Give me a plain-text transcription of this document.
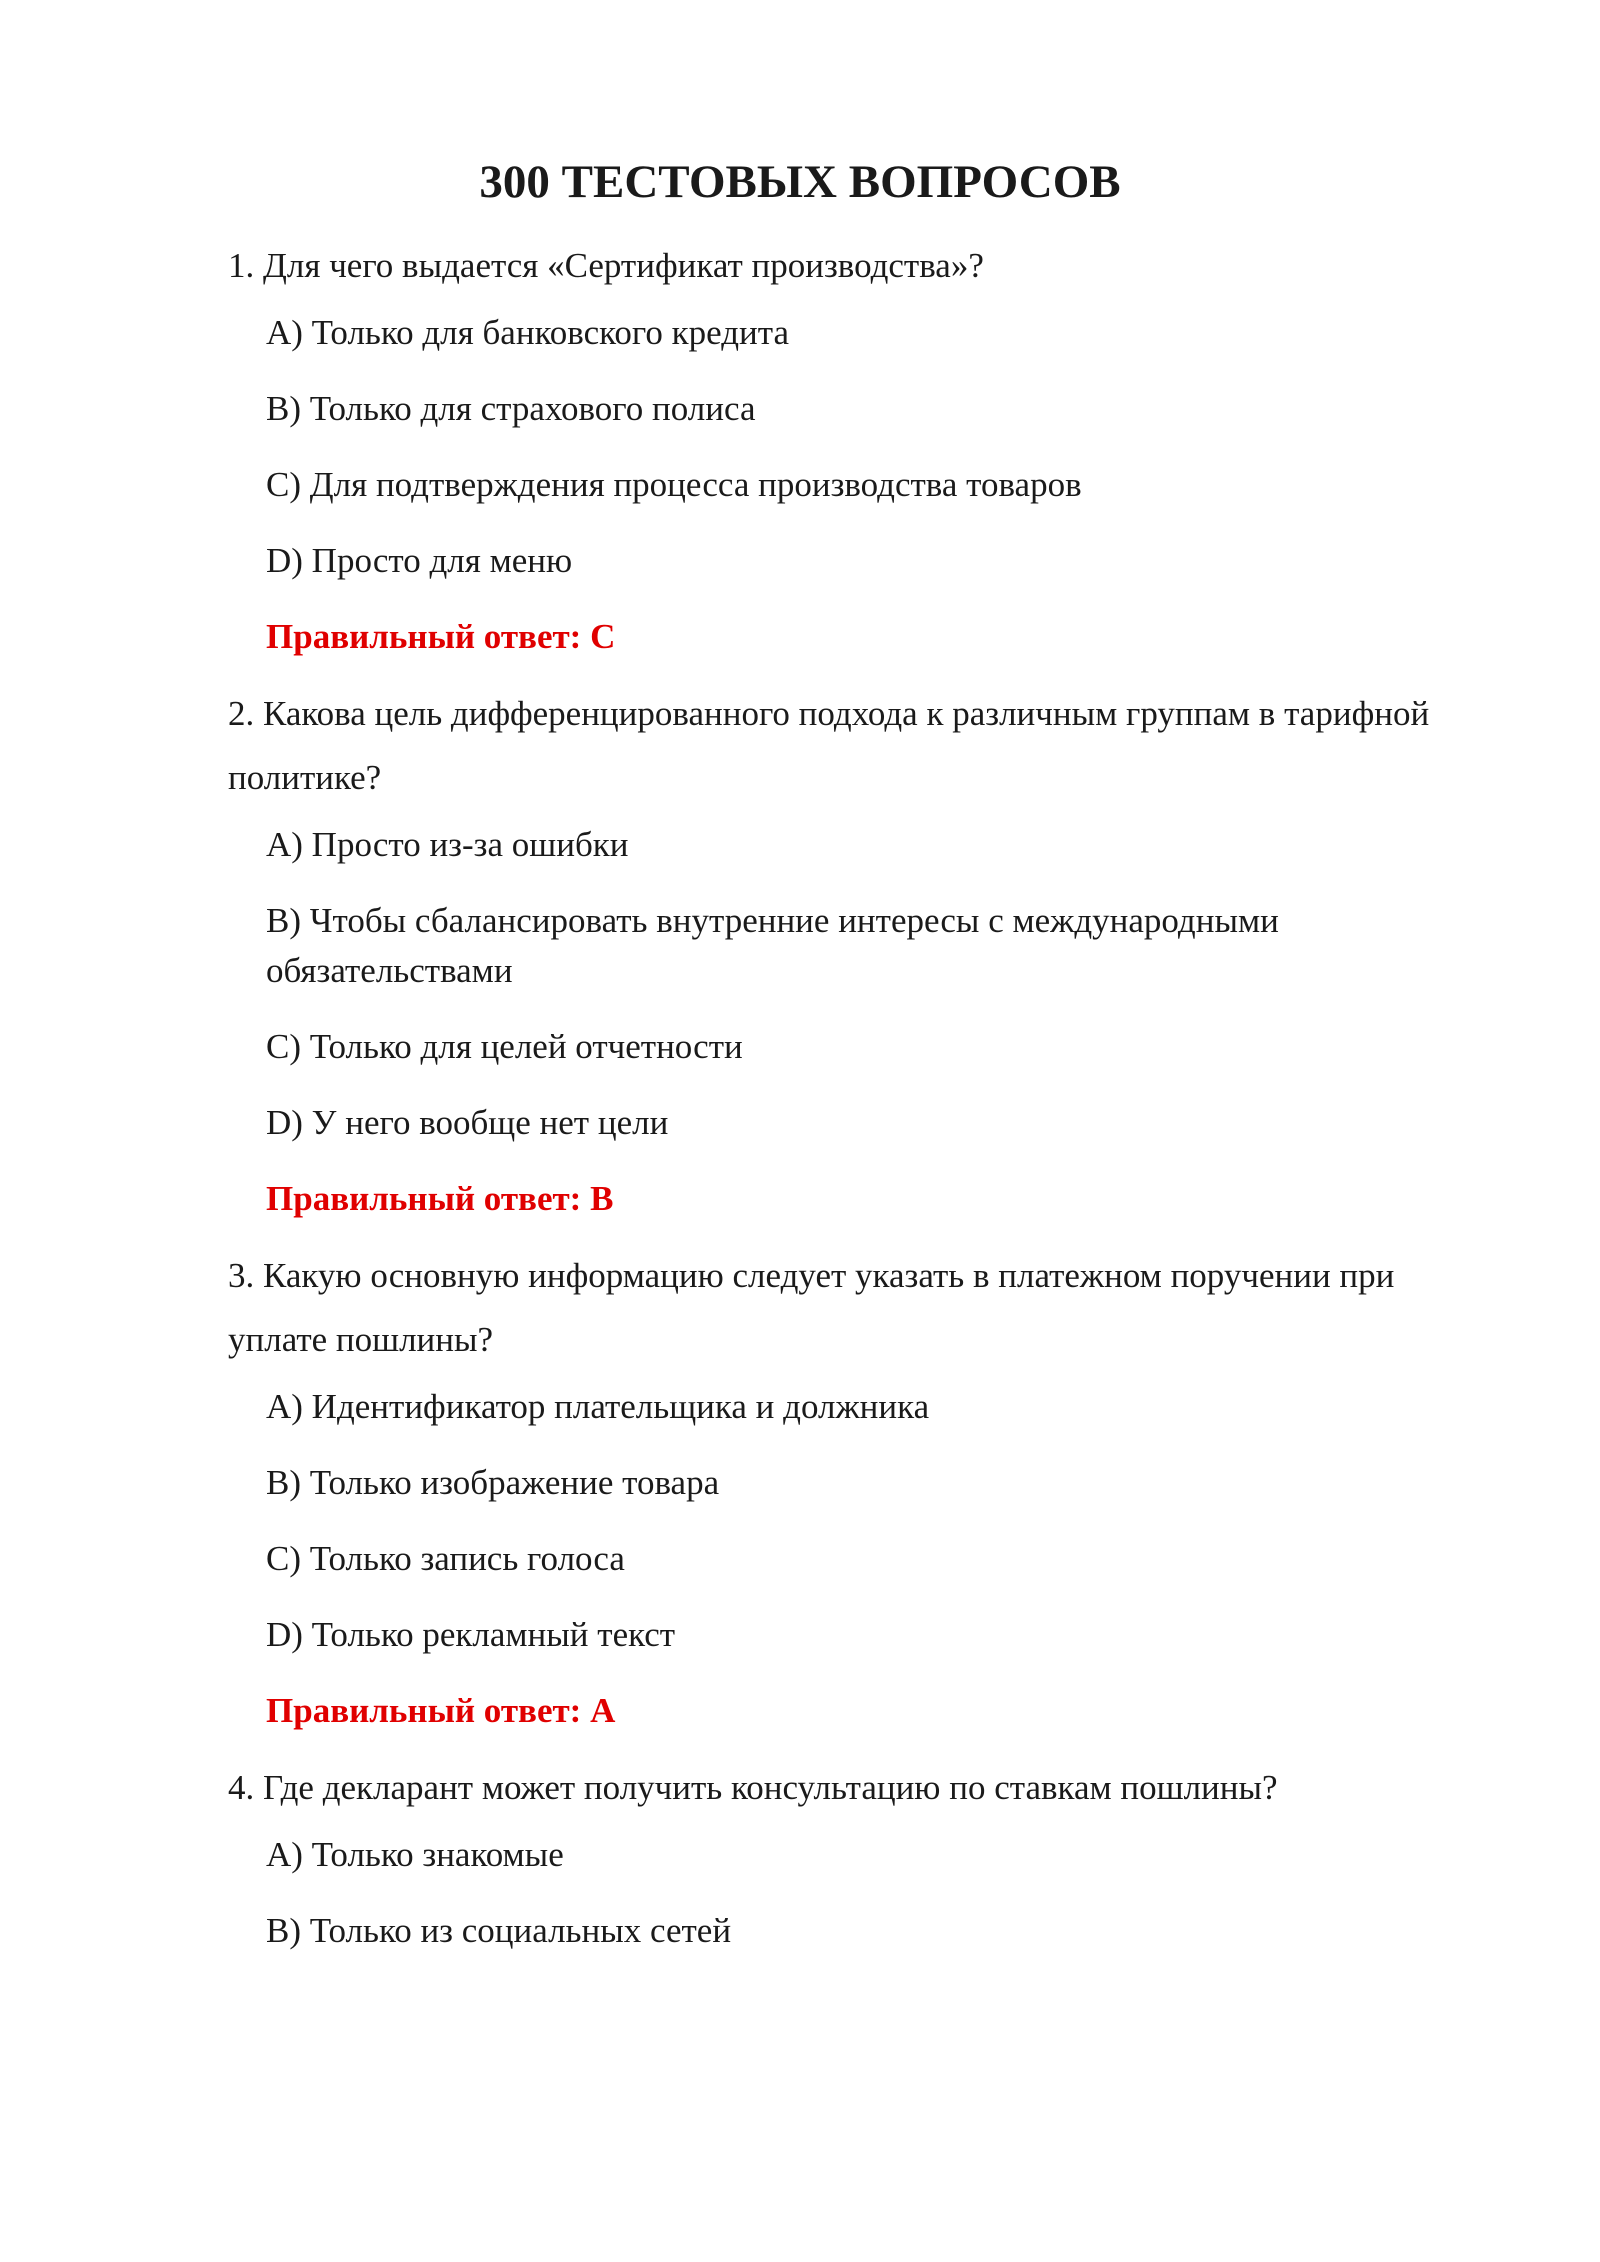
300 ТЕСТОВЫХ ВОПРОСОВ

1. Для чего выдается «Сертификат производства»?

A) Только для банковского кредита
B) Только для страхового полиса
C) Для подтверждения процесса производства товаров
D) Просто для меню

Правильный ответ: C

2. Какова цель дифференцированного подхода к различным группам в тарифной политике?

A) Просто из-за ошибки
B) Чтобы сбалансировать внутренние интересы с международными обязательствами
C) Только для целей отчетности
D) У него вообще нет цели

Правильный ответ: B

3. Какую основную информацию следует указать в платежном поручении при уплате пошлины?

A) Идентификатор плательщика и должника
B) Только изображение товара
C) Только запись голоса
D) Только рекламный текст

Правильный ответ: A

4. Где декларант может получить консультацию по ставкам пошлины?

A) Только знакомые
B) Только из социальных сетей
